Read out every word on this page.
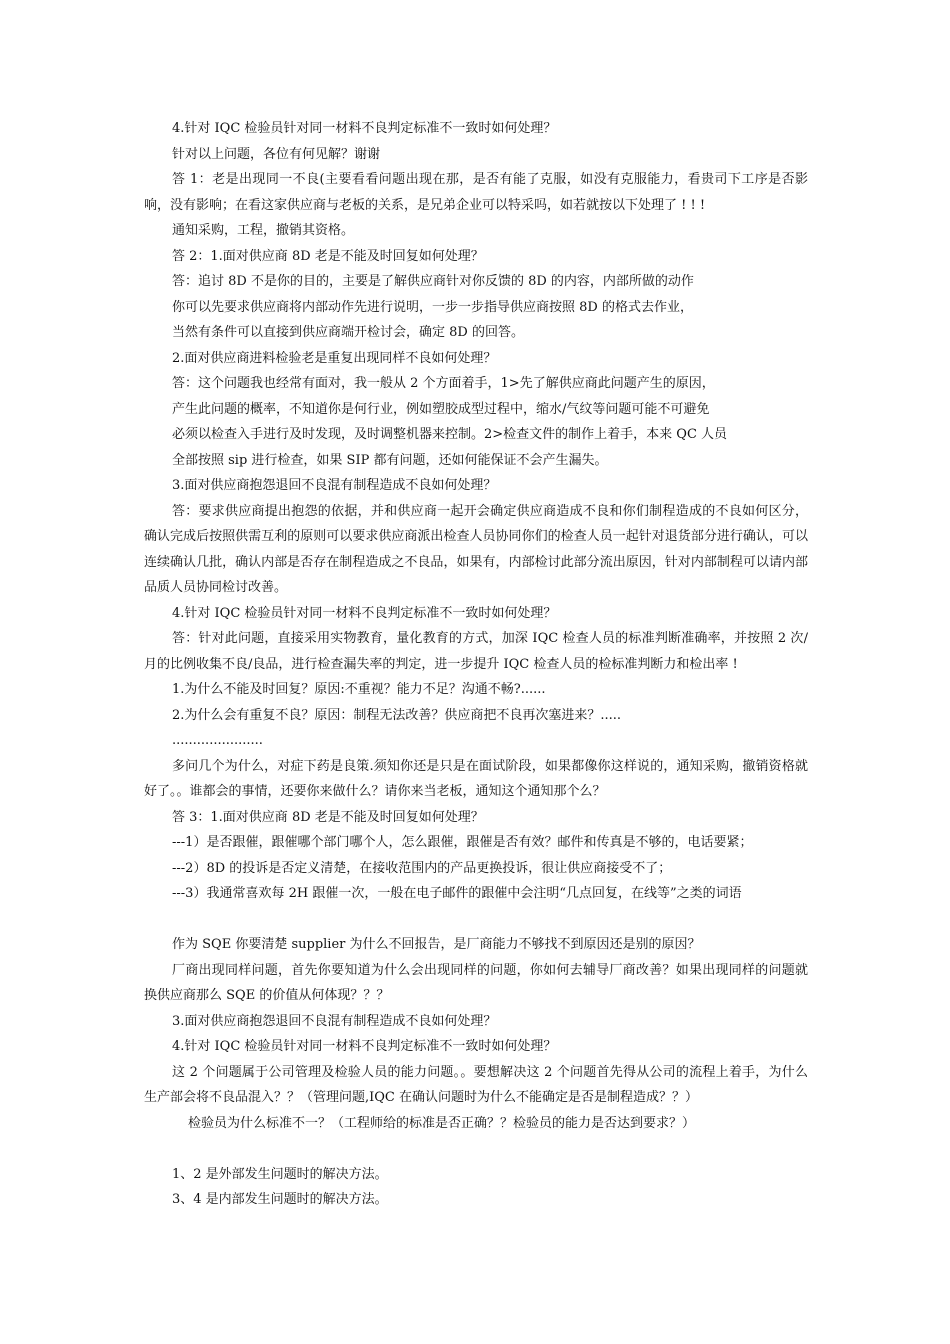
4.针对 IQC 检验员针对同一材料不良判定标准不一致时如何处理？

针对以上问题，各位有何见解？谢谢

答 1：老是出现同一不良(主要看看问题出现在那，是否有能了克服，如没有克服能力，看贵司下工序是否影响，没有影响；在看这家供应商与老板的关系，是兄弟企业可以特采吗，如若就按以下处理了 ! ! !

通知采购，工程，撤销其资格。

答 2：1.面对供应商 8D 老是不能及时回复如何处理？

答：追讨 8D 不是你的目的，主要是了解供应商针对你反馈的 8D 的内容，内部所做的动作

你可以先要求供应商将内部动作先进行说明，一步一步指导供应商按照 8D 的格式去作业，

当然有条件可以直接到供应商端开检讨会，确定 8D 的回答。

2.面对供应商进料检验老是重复出现同样不良如何处理？

答：这个问题我也经常有面对，我一般从 2 个方面着手，1>先了解供应商此问题产生的原因，

产生此问题的概率，不知道你是何行业，例如塑胶成型过程中，缩水/气纹等问题可能不可避免

必须以检查入手进行及时发现，及时调整机器来控制。2>检查文件的制作上着手，本来 QC 人员

全部按照 sip 进行检查，如果 SIP 都有问题，还如何能保证不会产生漏失。

3.面对供应商抱怨退回不良混有制程造成不良如何处理？

答：要求供应商提出抱怨的依据，并和供应商一起开会确定供应商造成不良和你们制程造成的不良如何区分，确认完成后按照供需互利的原则可以要求供应商派出检查人员协同你们的检查人员一起针对退货部分进行确认，可以连续确认几批，确认内部是否存在制程造成之不良品，如果有，内部检讨此部分流出原因，针对内部制程可以请内部品质人员协同检讨改善。

4.针对 IQC 检验员针对同一材料不良判定标准不一致时如何处理？

答：针对此问题，直接采用实物教育，量化教育的方式，加深 IQC 检查人员的标准判断准确率，并按照 2 次/月的比例收集不良/良品，进行检查漏失率的判定，进一步提升 IQC 检查人员的检标准判断力和检出率 !

1.为什么不能及时回复？原因:不重视？能力不足？沟通不畅?......

2.为什么会有重复不良？原因：制程无法改善？供应商把不良再次塞进来？.....

......................

多问几个为什么，对症下药是良策.须知你还是只是在面试阶段，如果都像你这样说的，通知采购，撤销资格就好了。。谁都会的事情，还要你来做什么？请你来当老板，通知这个通知那个么？

答 3：1.面对供应商 8D 老是不能及时回复如何处理？

---1）是否跟催，跟催哪个部门哪个人，怎么跟催，跟催是否有效？邮件和传真是不够的，电话要紧；

---2）8D 的投诉是否定义清楚，在接收范围内的产品更换投诉，很让供应商接受不了；

---3）我通常喜欢每 2H 跟催一次，一般在电子邮件的跟催中会注明“几点回复，在线等”之类的词语

作为 SQE 你要清楚 supplier 为什么不回报告，是厂商能力不够找不到原因还是别的原因？

厂商出现同样问题，首先你要知道为什么会出现同样的问题，你如何去辅导厂商改善？如果出现同样的问题就换供应商那么 SQE 的价值从何体现？？？

3.面对供应商抱怨退回不良混有制程造成不良如何处理？

4.针对 IQC 检验员针对同一材料不良判定标准不一致时如何处理？

这 2 个问题属于公司管理及检验人员的能力问题。。要想解决这 2 个问题首先得从公司的流程上着手，为什么生产部会将不良品混入？？（管理问题,IQC 在确认问题时为什么不能确定是否是制程造成？？）

检验员为什么标准不一？（工程师给的标准是否正确？？检验员的能力是否达到要求？）

1、2 是外部发生问题时的解决方法。

3、4 是内部发生问题时的解决方法。
